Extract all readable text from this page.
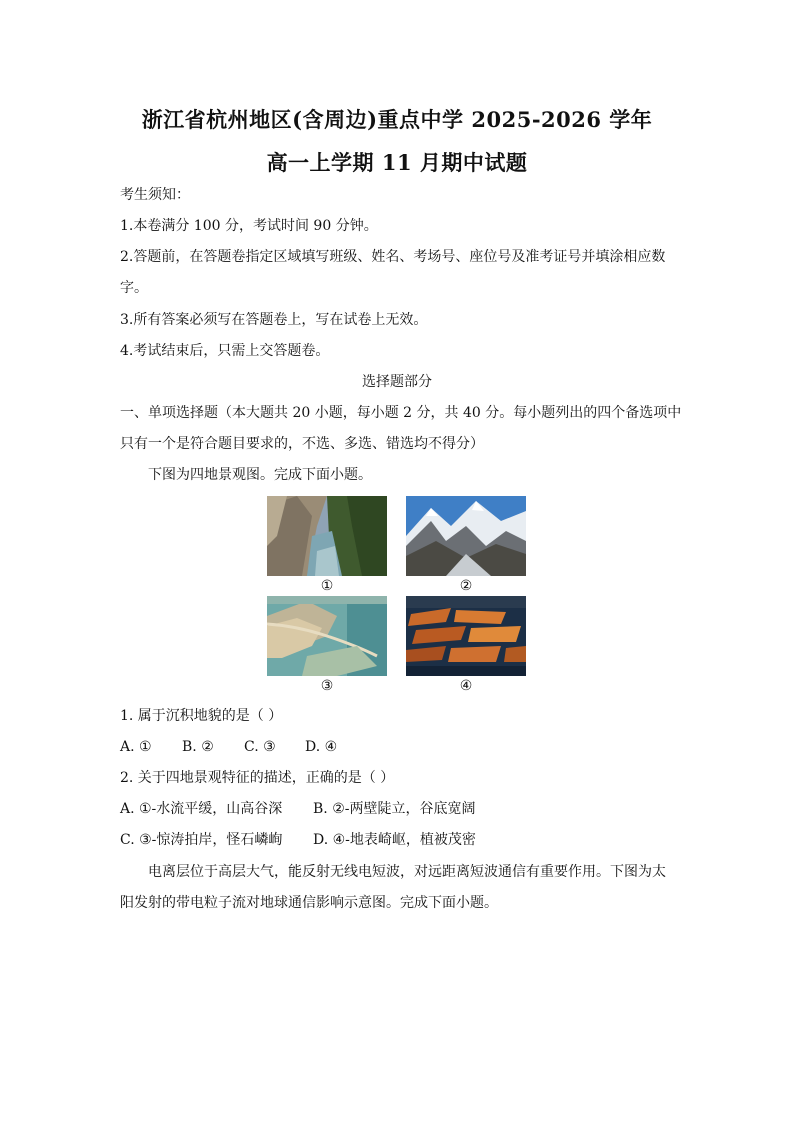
浙江省杭州地区(含周边)重点中学 2025-2026 学年
高一上学期 11 月期中试题
考生须知：
1.本卷满分 100 分，考试时间 90 分钟。
2.答题前，在答题卷指定区域填写班级、姓名、考场号、座位号及准考证号并填涂相应数
字。
3.所有答案必须写在答题卷上，写在试卷上无效。
4.考试结束后，只需上交答题卷。
选择题部分
一、单项选择题（本大题共 20 小题，每小题 2 分，共 40 分。每小题列出的四个备选项中
只有一个是符合题目要求的，不选、多选、错选均不得分）
下图为四地景观图。完成下面小题。
①	②
③	④
1. 属于沉积地貌的是（ ）
A. ① B. ② C. ③ D. ④
2. 关于四地景观特征的描述，正确的是（ ）
A. ①-水流平缓，山高谷深 B. ②-两壁陡立，谷底宽阔
C. ③-惊涛拍岸，怪石嶙峋 D. ④-地表崎岖，植被茂密
电离层位于高层大气，能反射无线电短波，对远距离短波通信有重要作用。下图为太
阳发射的带电粒子流对地球通信影响示意图。完成下面小题。
